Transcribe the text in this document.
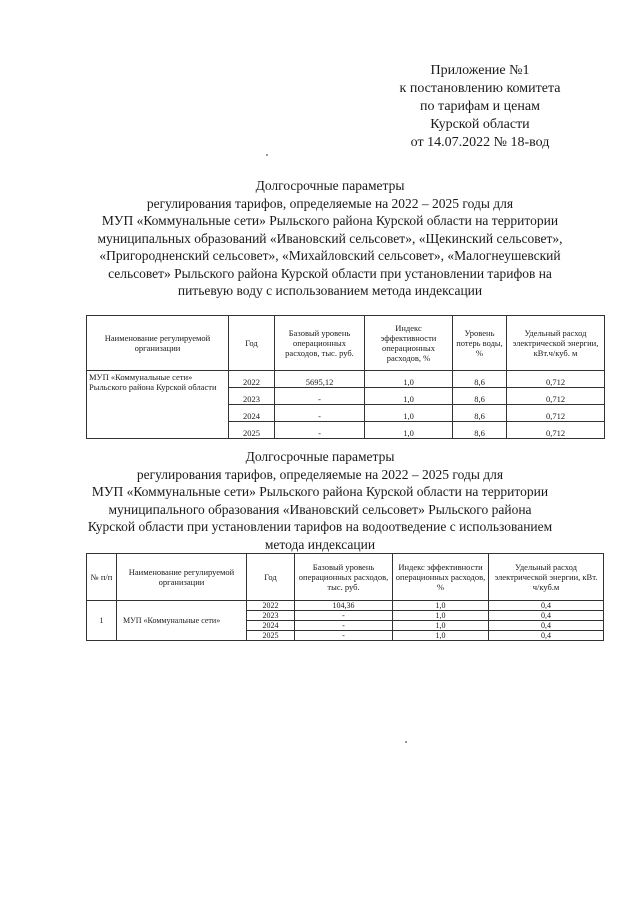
Приложение №1
к постановлению комитета
по тарифам и ценам
Курской области
от 14.07.2022 № 18-вод
Долгосрочные параметры
регулирования тарифов, определяемые на 2022 – 2025 годы для
МУП «Коммунальные сети» Рыльского района Курской области на территории
муниципальных образований «Ивановский сельсовет», «Щекинский сельсовет»,
«Пригородненский сельсовет», «Михайловский сельсовет», «Малогнеушевский
сельсовет» Рыльского района Курской области при установлении тарифов на
питьевую воду с использованием метода индексации
Наименование регулируемой организации	Год	Базовый уровень операционных расходов, тыс. руб.	Индекс эффективности операционных расходов, %	Уровень потерь воды, %	Удельный расход электрической энергии, кВт.ч/куб. м
МУП «Коммунальные сети» Рыльского района Курской области	2022	5695,12	1,0	8,6	0,712
	2023	-	1,0	8,6	0,712
	2024	-	1,0	8,6	0,712
	2025	-	1,0	8,6	0,712
Долгосрочные параметры
регулирования тарифов, определяемые на 2022 – 2025 годы для
МУП «Коммунальные сети» Рыльского района Курской области на территории
муниципального образования «Ивановский сельсовет» Рыльского района
Курской области при установлении тарифов на водоотведение с использованием
метода индексации
№ п/п	Наименование регулируемой организации	Год	Базовый уровень операционных расходов, тыс. руб.	Индекс эффективности операционных расходов, %	Удельный расход электрической энергии, кВт. ч/куб.м
1	МУП «Коммунальные сети»	2022	104,36	1,0	0,4
		2023	-	1,0	0,4
		2024	-	1,0	0,4
		2025	-	1,0	0,4
